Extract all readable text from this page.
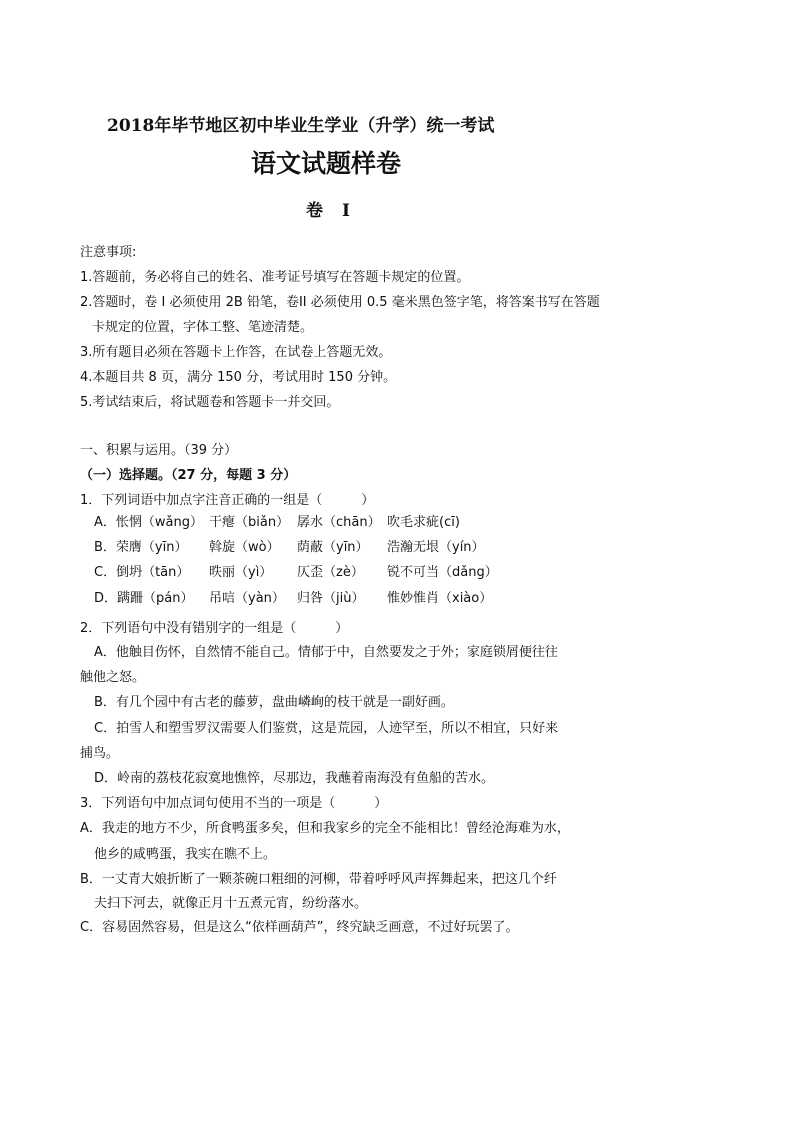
2018年毕节地区初中毕业生学业（升学）统一考试
语文试题样卷
卷　I
注意事项:
1.答题前，务必将自己的姓名、准考证号填写在答题卡规定的位置。
2.答题时，卷 I 必须使用 2B 铅笔，卷II 必须使用 0.5 毫米黑色签字笔，将答案书写在答题
卡规定的位置，字体工整、笔迹清楚。
3.所有题目必须在答题卡上作答，在试卷上答题无效。
4.本题目共 8 页，满分 150 分，考试用时 150 分钟。
5.考试结束后，将试题卷和答题卡一并交回。
一、积累与运用。（39 分）
（一）选择题。（27 分，每题 3 分）
1．下列词语中加点字注音正确的一组是（　　　）
A．怅惘（wǎng） 干瘪（biǎn） 孱水（chān） 吹毛求疵(cī)
B．荣膺（yīn） 斡旋（wò） 荫蔽（yīn） 浩瀚无垠（yín）
C．倒坍（tān） 昳丽（yì） 仄歪（zè） 锐不可当（dǎng）
D．蹒跚（pán） 吊唁（yàn） 归咎（jiù） 惟妙惟肖（xiào）
2．下列语句中没有错别字的一组是（　　　）
A．他触目伤怀，自然情不能自己。情郁于中，自然要发之于外；家庭锁屑便往往
触他之怒。
B．有几个园中有古老的藤萝，盘曲嶙峋的枝干就是一副好画。
C．拍雪人和塑雪罗汉需要人们鉴赏，这是荒园，人迹罕至，所以不相宜，只好来
捕鸟。
D．岭南的荔枝花寂寞地憔悴，尽那边，我蘸着南海没有鱼船的苦水。
3．下列语句中加点词句使用不当的一项是（　　　）
A．我走的地方不少，所食鸭蛋多矣，但和我家乡的完全不能相比！曾经沧海难为水，
他乡的咸鸭蛋，我实在瞧不上。
B．一丈青大娘折断了一颗茶碗口粗细的河柳，带着呼呼风声挥舞起来，把这几个纤
夫扫下河去，就像正月十五煮元宵，纷纷落水。
C．容易固然容易，但是这么“依样画葫芦”，终究缺乏画意，不过好玩罢了。
